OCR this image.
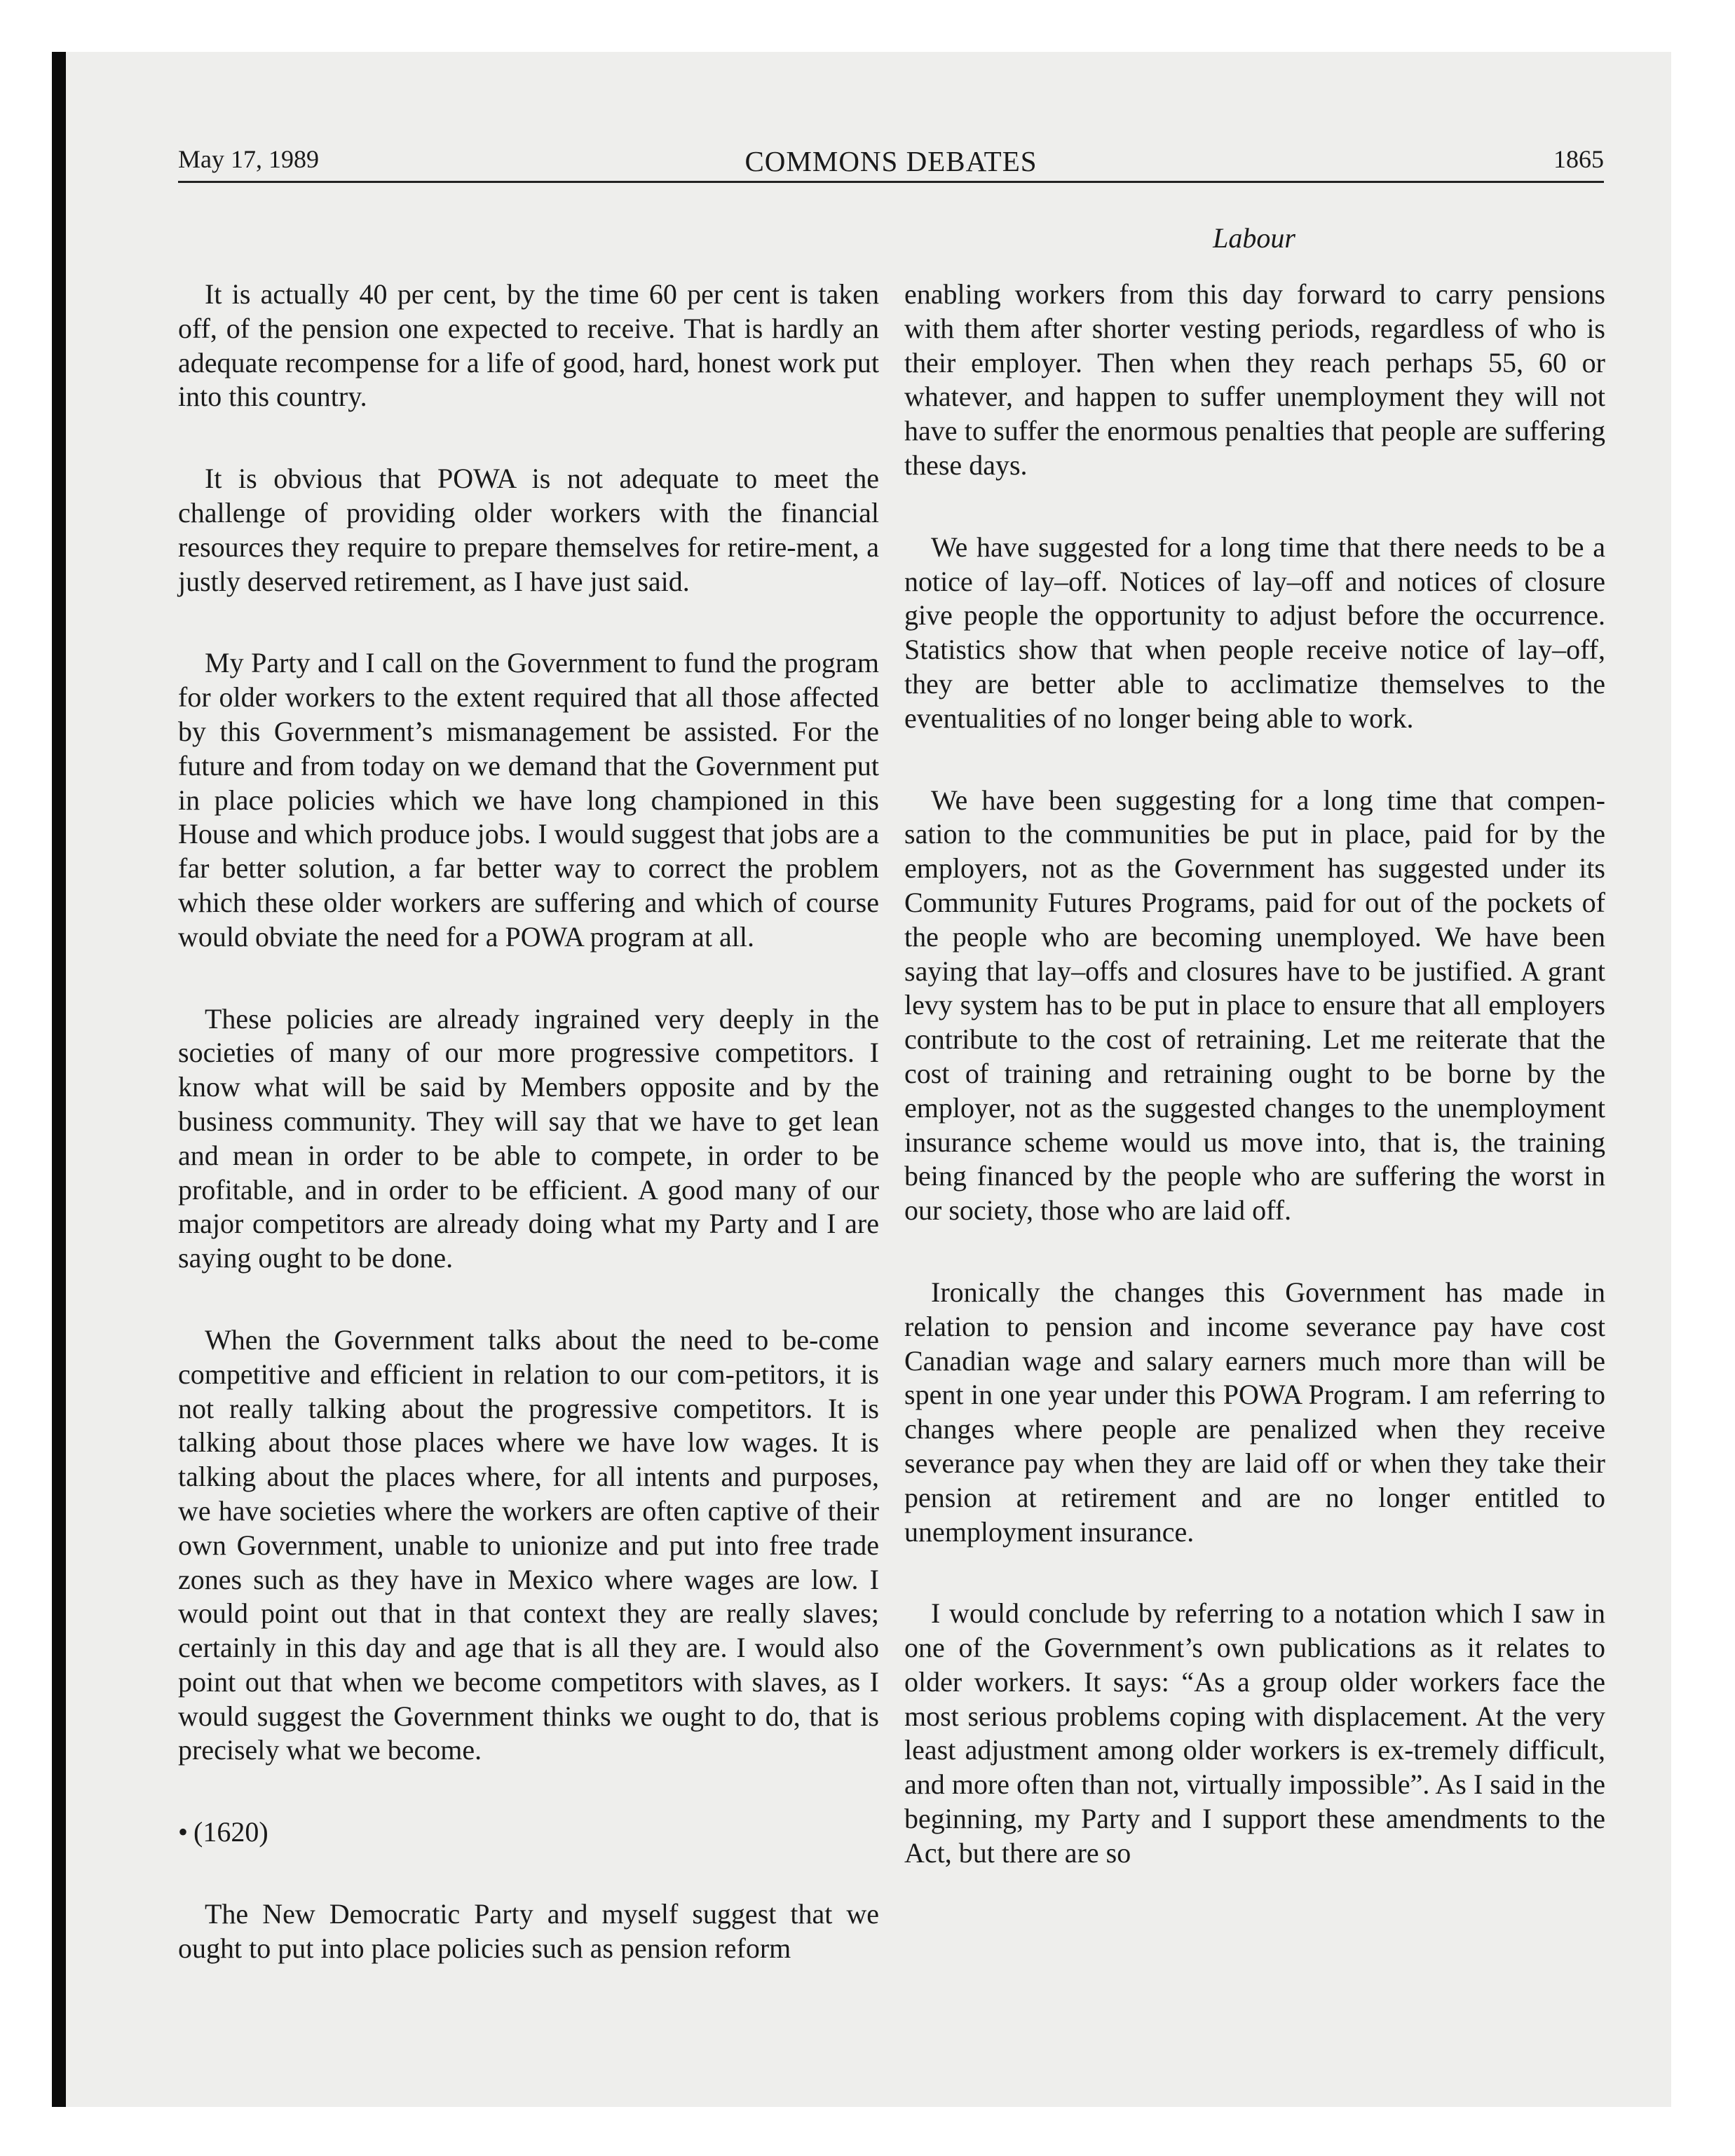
May 17, 1989	COMMONS DEBATES	1865
Labour

It is actually 40 per cent, by the time 60 per cent is taken off, of the pension one expected to receive. That is hardly an adequate recompense for a life of good, hard, honest work put into this country.

It is obvious that POWA is not adequate to meet the challenge of providing older workers with the financial resources they require to prepare themselves for retire-ment, a justly deserved retirement, as I have just said.

My Party and I call on the Government to fund the program for older workers to the extent required that all those affected by this Government’s mismanagement be assisted. For the future and from today on we demand that the Government put in place policies which we have long championed in this House and which produce jobs. I would suggest that jobs are a far better solution, a far better way to correct the problem which these older workers are suffering and which of course would obviate the need for a POWA program at all.

These policies are already ingrained very deeply in the societies of many of our more progressive competitors. I know what will be said by Members opposite and by the business community. They will say that we have to get lean and mean in order to be able to compete, in order to be profitable, and in order to be efficient. A good many of our major competitors are already doing what my Party and I are saying ought to be done.

When the Government talks about the need to be-come competitive and efficient in relation to our com-petitors, it is not really talking about the progressive competitors. It is talking about those places where we have low wages. It is talking about the places where, for all intents and purposes, we have societies where the workers are often captive of their own Government, unable to unionize and put into free trade zones such as they have in Mexico where wages are low. I would point out that in that context they are really slaves; certainly in this day and age that is all they are. I would also point out that when we become competitors with slaves, as I would suggest the Government thinks we ought to do, that is precisely what we become.

• (1620)

The New Democratic Party and myself suggest that we ought to put into place policies such as pension reform

enabling workers from this day forward to carry pensions with them after shorter vesting periods, regardless of who is their employer. Then when they reach perhaps 55, 60 or whatever, and happen to suffer unemployment they will not have to suffer the enormous penalties that people are suffering these days.

We have suggested for a long time that there needs to be a notice of lay–off. Notices of lay–off and notices of closure give people the opportunity to adjust before the occurrence. Statistics show that when people receive notice of lay–off, they are better able to acclimatize themselves to the eventualities of no longer being able to work.

We have been suggesting for a long time that compen-sation to the communities be put in place, paid for by the employers, not as the Government has suggested under its Community Futures Programs, paid for out of the pockets of the people who are becoming unemployed. We have been saying that lay–offs and closures have to be justified. A grant levy system has to be put in place to ensure that all employers contribute to the cost of retraining. Let me reiterate that the cost of training and retraining ought to be borne by the employer, not as the suggested changes to the unemployment insurance scheme would us move into, that is, the training being financed by the people who are suffering the worst in our society, those who are laid off.

Ironically the changes this Government has made in relation to pension and income severance pay have cost Canadian wage and salary earners much more than will be spent in one year under this POWA Program. I am referring to changes where people are penalized when they receive severance pay when they are laid off or when they take their pension at retirement and are no longer entitled to unemployment insurance.

I would conclude by referring to a notation which I saw in one of the Government’s own publications as it relates to older workers. It says: “As a group older workers face the most serious problems coping with displacement. At the very least adjustment among older workers is ex-tremely difficult, and more often than not, virtually impossible”. As I said in the beginning, my Party and I support these amendments to the Act, but there are so
